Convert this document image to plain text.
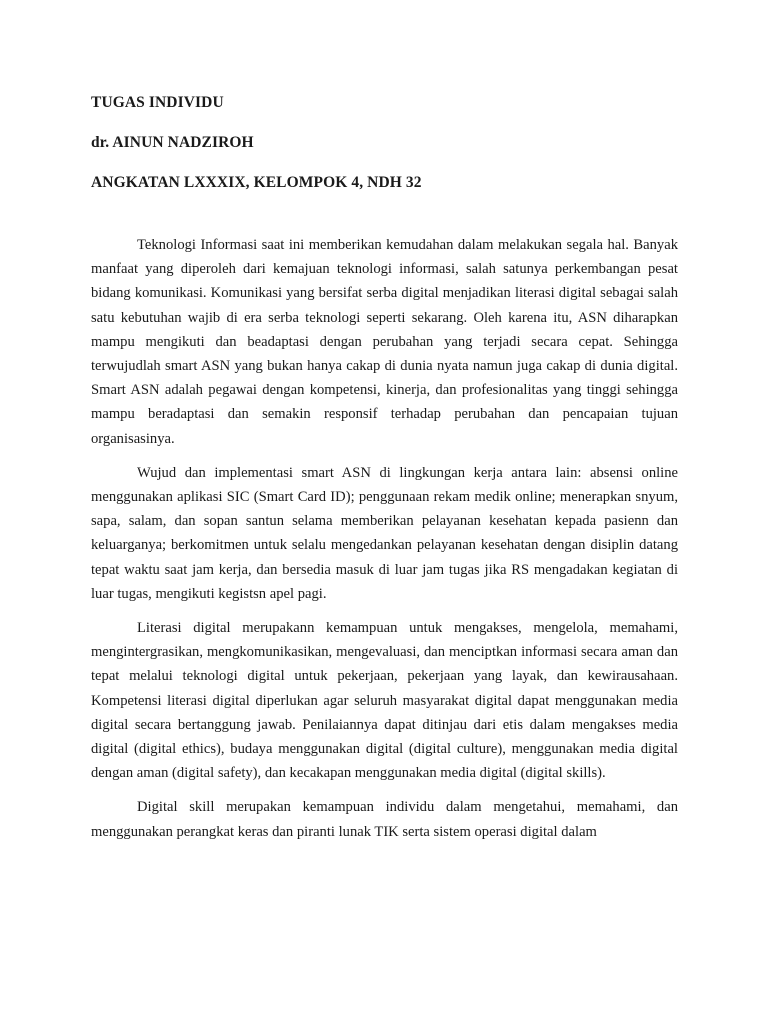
TUGAS INDIVIDU
dr. AINUN NADZIROH
ANGKATAN LXXXIX, KELOMPOK 4, NDH 32

Teknologi Informasi saat ini memberikan kemudahan dalam melakukan segala hal. Banyak manfaat yang diperoleh dari kemajuan teknologi informasi, salah satunya perkembangan pesat bidang komunikasi. Komunikasi yang bersifat serba digital menjadikan literasi digital sebagai salah satu kebutuhan wajib di era serba teknologi seperti sekarang. Oleh karena itu, ASN diharapkan mampu mengikuti dan beadaptasi dengan perubahan yang terjadi secara cepat. Sehingga terwujudlah smart ASN yang bukan hanya cakap di dunia nyata namun juga cakap di dunia digital. Smart ASN adalah pegawai dengan kompetensi, kinerja, dan profesionalitas yang tinggi sehingga mampu beradaptasi dan semakin responsif terhadap perubahan dan pencapaian tujuan organisasinya.

Wujud dan implementasi smart ASN di lingkungan kerja antara lain: absensi online menggunakan aplikasi SIC (Smart Card ID); penggunaan rekam medik online; menerapkan snyum, sapa, salam, dan sopan santun selama memberikan pelayanan kesehatan kepada pasienn dan keluarganya; berkomitmen untuk selalu mengedankan pelayanan kesehatan dengan disiplin datang tepat waktu saat jam kerja, dan bersedia masuk di luar jam tugas jika RS mengadakan kegiatan di luar tugas, mengikuti kegistsn apel pagi.

Literasi digital merupakann kemampuan untuk mengakses, mengelola, memahami, mengintergrasikan, mengkomunikasikan, mengevaluasi, dan menciptkan informasi secara aman dan tepat melalui teknologi digital untuk pekerjaan, pekerjaan yang layak, dan kewirausahaan. Kompetensi literasi digital diperlukan agar seluruh masyarakat digital dapat menggunakan media digital secara bertanggung jawab. Penilaiannya dapat ditinjau dari etis dalam mengakses media digital (digital ethics), budaya menggunakan digital (digital culture), menggunakan media digital dengan aman (digital safety), dan kecakapan menggunakan media digital (digital skills).

Digital skill merupakan kemampuan individu dalam mengetahui, memahami, dan menggunakan perangkat keras dan piranti lunak TIK serta sistem operasi digital dalam
